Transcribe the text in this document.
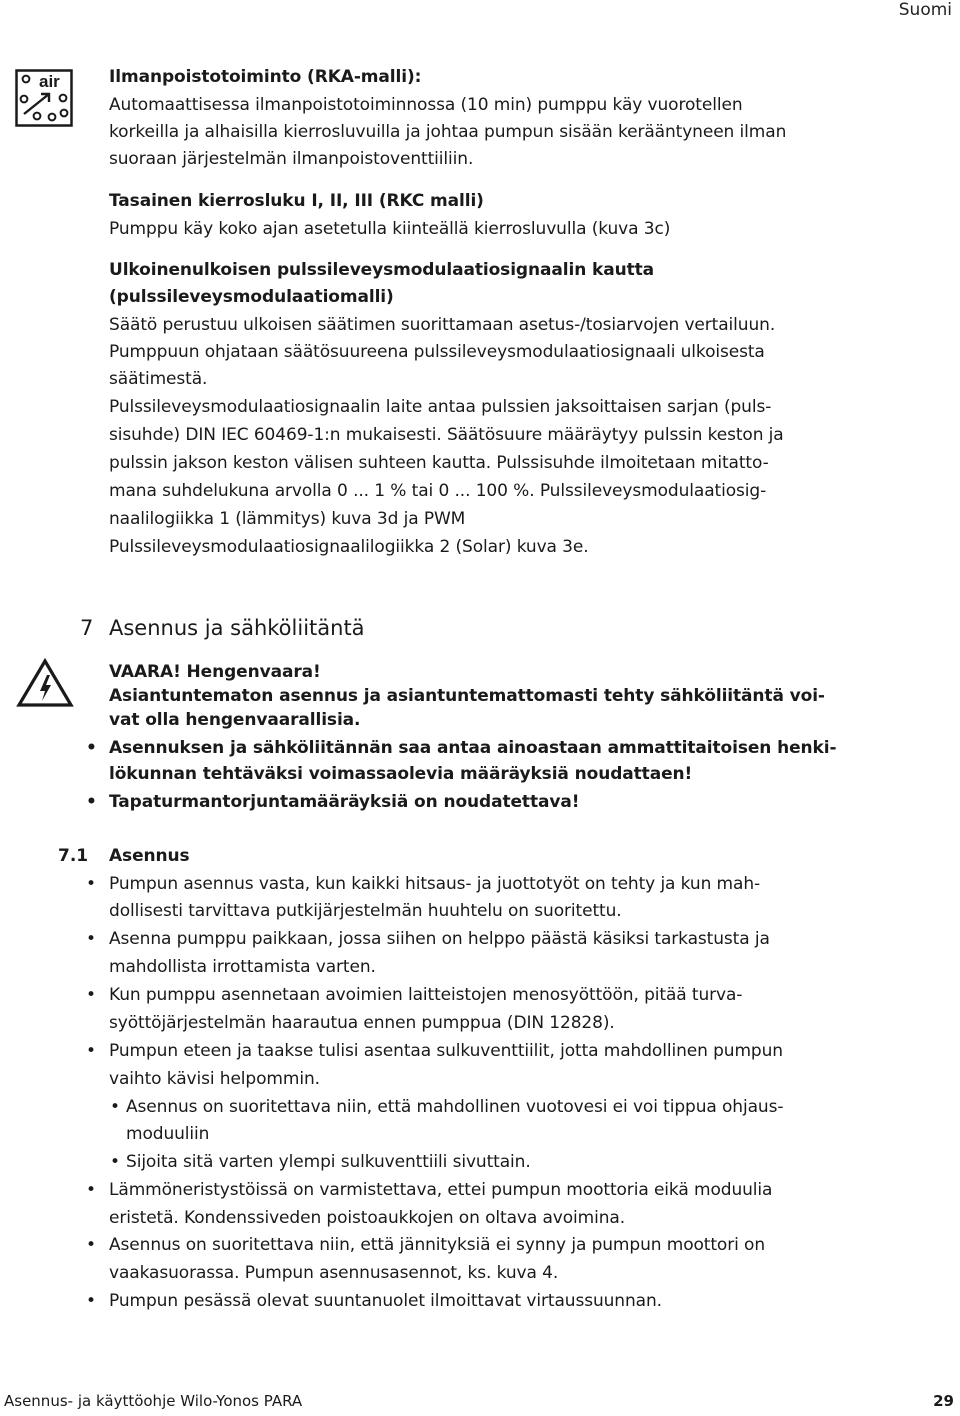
Suomi
air	Ilmanpoistotoiminto (RKA-malli):
Automaattisessa ilmanpoistotoiminnossa (10 min) pumppu käy vuorotellen
korkeilla ja alhaisilla kierrosluvuilla ja johtaa pumpun sisään kerääntyneen ilman
suoraan järjestelmän ilmanpoistoventtiiliin.
Tasainen kierrosluku I, II, III (RKC malli)
Pumppu käy koko ajan asetetulla kiinteällä kierrosluvulla (kuva 3c)
Ulkoinenulkoisen pulssileveysmodulaatiosignaalin kautta
(pulssileveysmodulaatiomalli)
Säätö perustuu ulkoisen säätimen suorittamaan asetus-/tosiarvojen vertailuun.
Pumppuun ohjataan säätösuureena pulssileveysmodulaatiosignaali ulkoisesta
säätimestä.
Pulssileveysmodulaatiosignaalin laite antaa pulssien jaksoittaisen sarjan (puls-
sisuhde) DIN IEC 60469-1:n mukaisesti. Säätösuure määräytyy pulssin keston ja
pulssin jakson keston välisen suhteen kautta. Pulssisuhde ilmoitetaan mitatto-
mana suhdelukuna arvolla 0 ... 1 % tai 0 ... 100 %. Pulssileveysmodulaatiosig-
naalilogiikka 1 (lämmitys) kuva 3d ja PWM
Pulssileveysmodulaatiosignaalilogiikka 2 (Solar) kuva 3e.
7 Asennus ja sähköliitäntä
VAARA! Hengenvaara!
Asiantuntematon asennus ja asiantuntemattomasti tehty sähköliitäntä voi-
vat olla hengenvaarallisia.
• Asennuksen ja sähköliitännän saa antaa ainoastaan ammattitaitoisen henki-
lökunnan tehtäväksi voimassaolevia määräyksiä noudattaen!
• Tapaturmantorjuntamääräyksiä on noudatettava!
7.1 Asennus
• Pumpun asennus vasta, kun kaikki hitsaus- ja juottotyöt on tehty ja kun mah-
dollisesti tarvittava putkijärjestelmän huuhtelu on suoritettu.
• Asenna pumppu paikkaan, jossa siihen on helppo päästä käsiksi tarkastusta ja
mahdollista irrottamista varten.
• Kun pumppu asennetaan avoimien laitteistojen menosyöttöön, pitää turva-
syöttöjärjestelmän haarautua ennen pumppua (DIN 12828).
• Pumpun eteen ja taakse tulisi asentaa sulkuventtiilit, jotta mahdollinen pumpun
vaihto kävisi helpommin.
• Asennus on suoritettava niin, että mahdollinen vuotovesi ei voi tippua ohjaus-
moduuliin
• Sijoita sitä varten ylempi sulkuventtiili sivuttain.
• Lämmöneristystöissä on varmistettava, ettei pumpun moottoria eikä moduulia
eristetä. Kondenssiveden poistoaukkojen on oltava avoimina.
• Asennus on suoritettava niin, että jännityksiä ei synny ja pumpun moottori on
vaakasuorassa. Pumpun asennusasennot, ks. kuva 4.
• Pumpun pesässä olevat suuntanuolet ilmoittavat virtaussuunnan.
Asennus- ja käyttöohje Wilo-Yonos PARA	29
